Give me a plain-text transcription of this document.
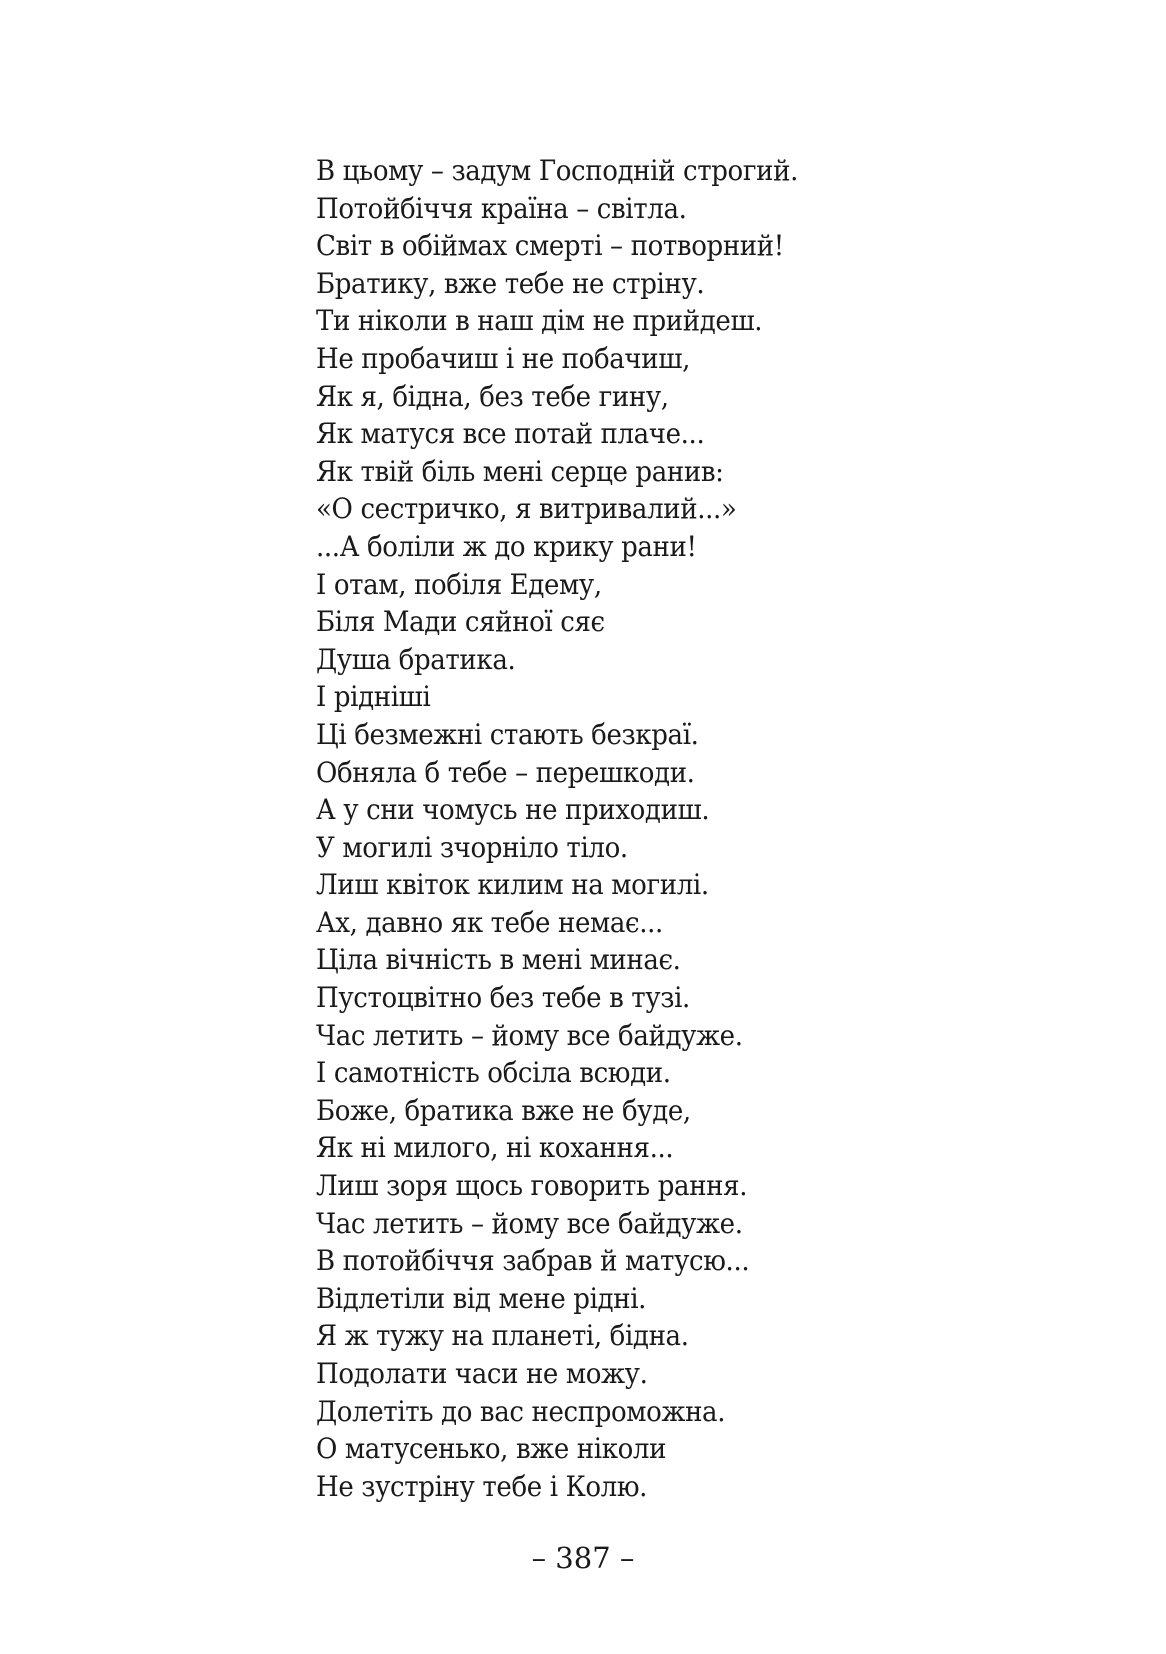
В цьому – задум Господній строгий.
Потойбіччя країна – світла.
Світ в обіймах смерті – потворний!
Братику, вже тебе не стріну.
Ти ніколи в наш дім не прийдеш.
Не пробачиш і не побачиш,
Як я, бідна, без тебе гину,
Як матуся все потай плаче...
Як твій біль мені серце ранив:
«О сестричко, я витривалий...»
...А боліли ж до крику рани!
І отам, побіля Едему,
Біля Мади сяйної сяє
Душа братика.
І рідніші
Ці безмежні стають безкраї.
Обняла б тебе – перешкоди.
А у сни чомусь не приходиш.
У могилі зчорніло тіло.
Лиш квіток килим на могилі.
Ах, давно як тебе немає...
Ціла вічність в мені минає.
Пустоцвітно без тебе в тузі.
Час летить – йому все байдуже.
І самотність обсіла всюди.
Боже, братика вже не буде,
Як ні милого, ні кохання...
Лиш зоря щось говорить рання.
Час летить – йому все байдуже.
В потойбіччя забрав й матусю...
Відлетіли від мене рідні.
Я ж тужу на планеті, бідна.
Подолати часи не можу.
Долетіть до вас неспроможна.
О матусенько, вже ніколи
Не зустріну тебе і Колю.
– 387 –
